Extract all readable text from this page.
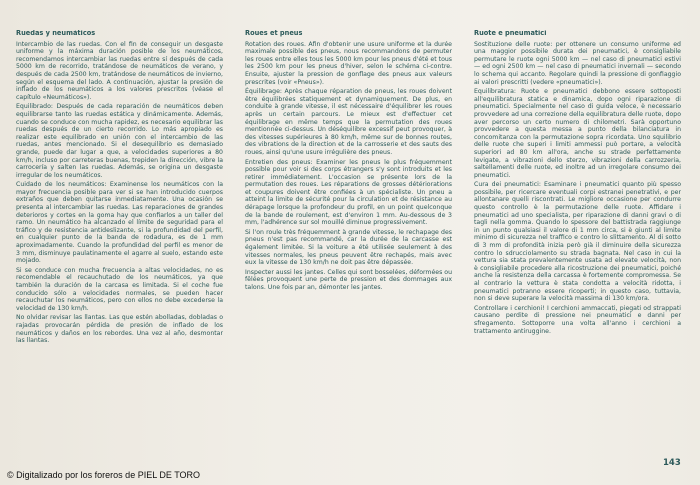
Ruedas y neumáticos

Intercambio de las ruedas. Con el fin de conseguir un desgaste uniforme y la máxima duración posible de los neumáticos, recomendamos intercambiar las ruedas entre sí después de cada 5000 km de recorrido, tratándose de neumáticos de verano, y después de cada 2500 km, tratándose de neumáticos de invierno, según el esquema del lado. A continuación, ajustar la presión de inflado de los neumáticos a los valores prescritos (véase el capítulo «Neumáticos»).

Equilibrado: Después de cada reparación de neumáticos deben equilibrarse tanto las ruedas estática y dinámicamente. Además, cuando se conduce con mucha rapidez, es necesario equilibrar las ruedas después de un cierto recorrido. Lo más apropiado es realizar este equilibrado en unión con el intercambio de las ruedas, antes mencionado. Si el desequilibrio es demasiado grande, puede dar lugar a que, a velocidades superiores a 80 km/h, incluso por carreteras buenas, trepiden la dirección, vibre la carrocería y salten las ruedas. Además, se origina un desgaste irregular de los neumáticos.

Cuidado de los neumáticos: Examinense los neumáticos con la mayor frecuencia posible para ver si se han introducido cuerpos extraños que deben quitarse inmediatamente. Una ocasión se presenta al intercambiar las ruedas. Las reparaciones de grandes deterioros y cortes en la goma hay que confiarlos a un taller del ramo. Un neumático ha alcanzado el límite de seguridad para el tráfico y de resistencia antideslizante, si la profundidad del perfil, en cualquier punto de la banda de rodadura, es de 1 mm aproximadamente. Cuando la profundidad del perfil es menor de 3 mm, disminuye paulatinamente el agarre al suelo, estando este mojado.

Si se conduce con mucha frecuencia a altas velocidades, no es recomendable el recauchutado de los neumáticos, ya que también la duración de la carcasa es limitada. Si el coche fue conducido sólo a velocidades normales, se pueden hacer recauchutar los neumáticos, pero con ellos no debe excederse la velocidad de 130 km/h.

No olvidar revisar las llantas. Las que estén abolladas, dobladas o rajadas provocarán pérdida de presión de inflado de los neumáticos y daños en los rebordes. Una vez al año, desmontar las llantas.

Roues et pneus

Rotation des roues. Afin d'obtenir une usure uniforme et la durée maximale possible des pneus, nous recommandons de permuter les roues entre elles tous les 5000 km pour les pneus d'été et tous les 2500 km pour les pneus d'hiver, selon le schéma ci-contre. Ensuite, ajuster la pression de gonflage des pneus aux valeurs prescrites (voir «Pneus»).

Équilibrage: Après chaque réparation de pneus, les roues doivent être équilibrées statiquement et dynamiquement. De plus, en conduite à grande vitesse, il est nécessaire d'équilibrer les roues après un certain parcours. Le mieux est d'effectuer cet équilibrage en même temps que la permutation des roues mentionnée ci-dessus. Un déséquilibre excessif peut provoquer, à des vitesses supérieures à 80 km/h, même sur de bonnes routes, des vibrations de la direction et de la carrosserie et des sauts des roues, ainsi qu'une usure irrégulière des pneus.

Entretien des pneus: Examiner les pneus le plus fréquemment possible pour voir si des corps étrangers s'y sont introduits et les retirer immédiatement. L'occasion se présente lors de la permutation des roues. Les réparations de grosses détériorations et coupures doivent être confiées à un spécialiste. Un pneu a atteint la limite de sécurité pour la circulation et de résistance au dérapage lorsque la profondeur du profil, en un point quelconque de la bande de roulement, est d'environ 1 mm. Au-dessous de 3 mm, l'adhérence sur sol mouillé diminue progressivement.

Si l'on roule très fréquemment à grande vitesse, le rechapage des pneus n'est pas recommandé, car la durée de la carcasse est également limitée. Si la voiture a été utilisée seulement à des vitesses normales, les pneus peuvent être rechapés, mais avec eux la vitesse de 130 km/h ne doit pas être dépassée.

Inspecter aussi les jantes. Celles qui sont bosselées, déformées ou fêlées provoquent une perte de pression et des dommages aux talons. Une fois par an, démonter les jantes.

Ruote e pneumatici

Sostituzione delle ruote: per ottenere un consumo uniforme ed una maggior possibile durata dei pneumatici, è consigliabile permutare le ruote ogni 5000 km — nel caso di pneumatici estivi — ed ogni 2500 km — nel caso di pneumatici invernali — secondo lo schema qui accanto. Regolare quindi la pressione di gonfiaggio ai valori prescritti (vedere «pneumatici»).

Equilibratura: Ruote e pneumatici debbono essere sottoposti all'equilibratura statica e dinamica, dopo ogni riparazione di pneumatici. Specialmente nel caso di guida veloce, è necessario provvedere ad una correzione della equilibratura delle ruote, dopo aver percorso un certo numero di chilometri. Sarà opportuno provvedere a questa messa a punto della bilanciatura in concomitanza con la permutazione sopra ricordata. Uno squilibrio delle ruote che superi i limiti ammessi può portare, a velocità superiori ad 80 km all'ora, anche su strade perfettamente levigate, a vibrazioni dello sterzo, vibrazioni della carrozzeria, saltellamenti delle ruote, ed inoltre ad un irregolare consumo dei pneumatici.

Cura dei pneumatici: Esaminare i pneumatici quanto più spesso possibile, per ricercare eventuali corpi estranei penetrativi, e per allontanare quelli riscontrati. Le migliore occasione per condurre questo controllo è la permutazione delle ruote. Affidare i pneumatici ad uno specialista, per riparazione di danni gravi o di tagli nella gomma. Quando lo spessore del battistrada raggiunge in un punto qualsiasi il valore di 1 mm circa, si è giunti al limite minimo di sicurezza nel traffico e contro lo slittamento. Al di sotto di 3 mm di profondità inizia però già il diminuire della sicurezza contro lo sdrucciolamento su strada bagnata. Nel caso in cui la vettura sia stata prevalentemente usata ad elevate velocità, non è consigliabile procedere alla ricostruzione dei pneumatici, poiché anche la resistenza della carcassa è fortemente compromessa. Se al contrario la vettura è stata condotta a velocità ridotta, i pneumatici potranno essere ricoperti; in questo caso, tuttavia, non si deve superare la velocità massima di 130 km/ora.

Controllare i cerchioni! I cerchioni ammaccati, piegati od strappati causano perdite di pressione nei pneumatici e danni per sfregamento. Sottoporre una volta all'anno i cerchioni a trattamento antiruggine.

143
© Digitalizado por los foreros de PIEL DE TORO
